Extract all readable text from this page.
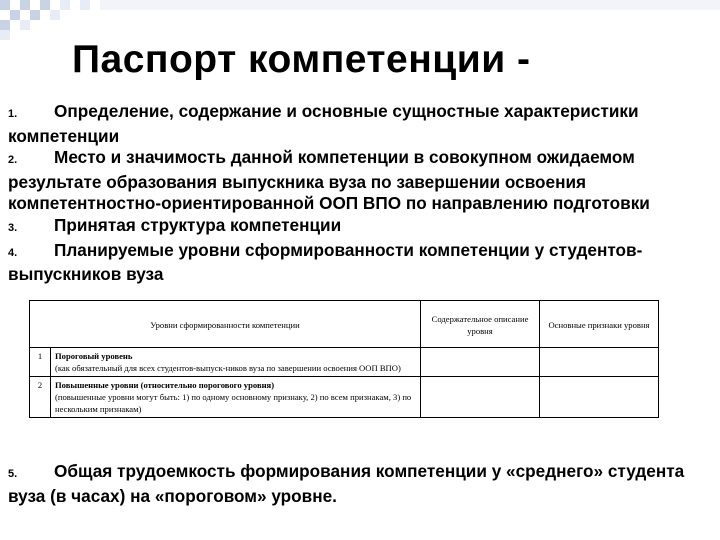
Паспорт компетенции -

1. Определение, содержание и основные сущностные характеристики компетенции

2. Место и значимость данной компетенции в совокупном ожидаемом результате образования выпускника вуза по завершении освоения компетентностно-ориентированной ООП ВПО по направлению подготовки

3. Принятая структура компетенции

4. Планируемые уровни сформированности компетенции у студентов-выпускников вуза

Уровни сформированности компетенции		Содержательное описание уровня	Основные признаки уровня
1	Пороговый уровень
(как обязательный для всех студентов-выпуск-ников вуза по завершении освоения ООП ВПО)		

2	Повышенные уровни (относительно порогового уровня)
(повышенные уровни могут быть: 1) по одному основному признаку, 2) по всем признакам, 3) по нескольким признакам)		

5. Общая трудоемкость формирования компетенции у «среднего» студента вуза (в часах) на «пороговом» уровне.
